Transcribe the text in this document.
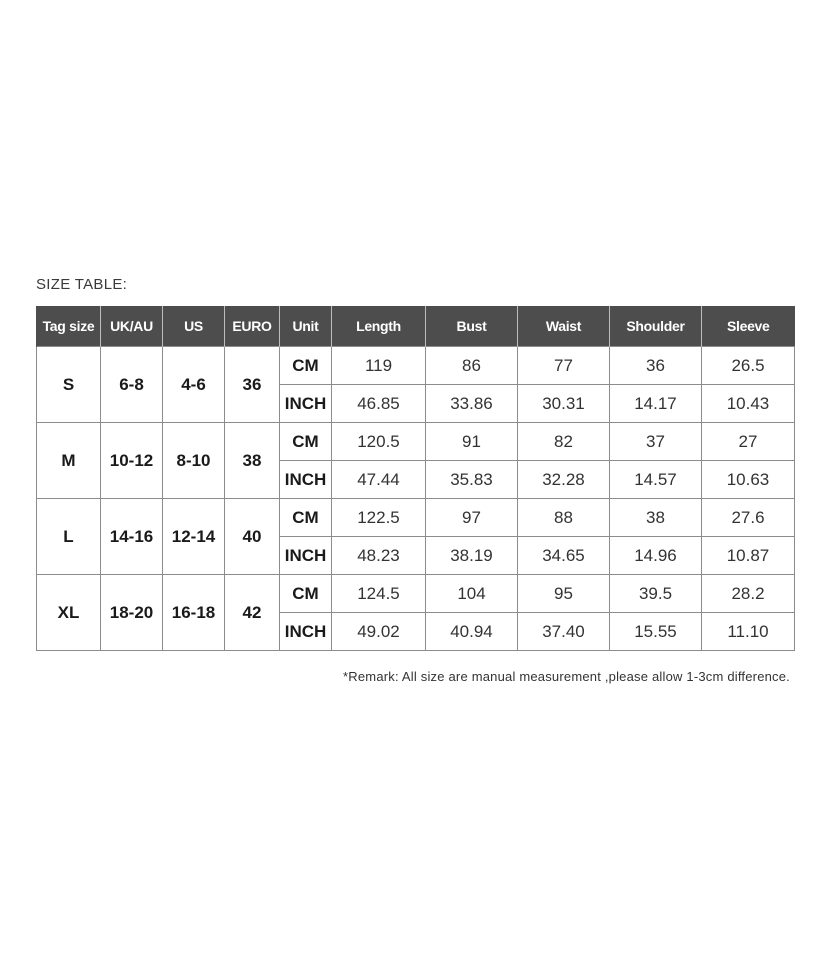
SIZE TABLE:
Tag size	UK/AU	US	EURO	Unit	Length	Bust	Waist	Shoulder	Sleeve
S	6-8	4-6	36	CM	119	86	77	36	26.5
				INCH	46.85	33.86	30.31	14.17	10.43
M	10-12	8-10	38	CM	120.5	91	82	37	27
				INCH	47.44	35.83	32.28	14.57	10.63
L	14-16	12-14	40	CM	122.5	97	88	38	27.6
				INCH	48.23	38.19	34.65	14.96	10.87
XL	18-20	16-18	42	CM	124.5	104	95	39.5	28.2
				INCH	49.02	40.94	37.40	15.55	11.10
*Remark: All size are manual measurement ,please allow 1-3cm difference.
